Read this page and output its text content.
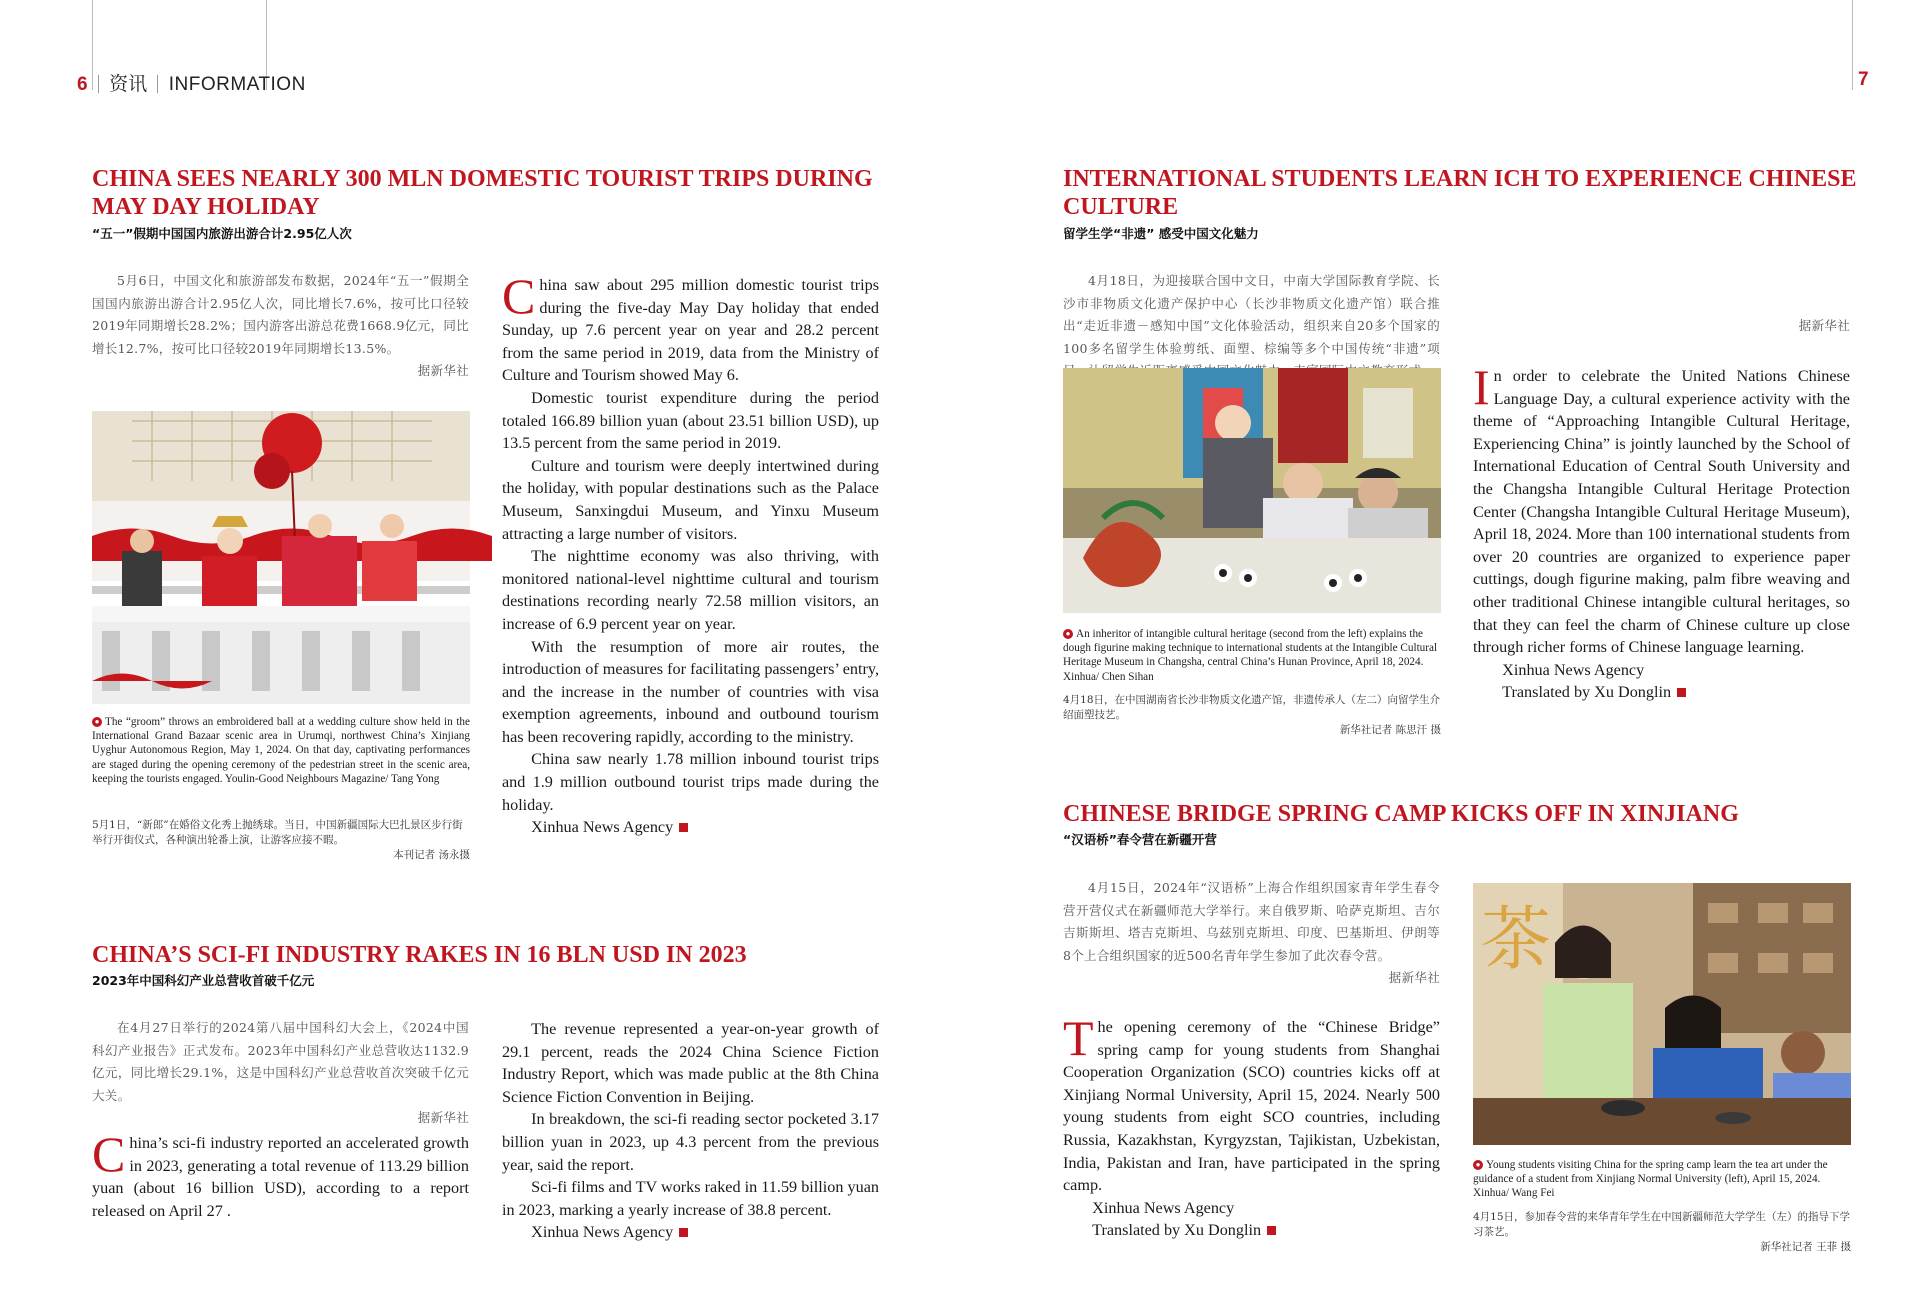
6 资讯 INFORMATION	7
CHINA SEES NEARLY 300 MLN DOMESTIC TOURIST TRIPS DURING MAY DAY HOLIDAY
“五一”假期中国国内旅游出游合计2.95亿人次
5月6日，中国文化和旅游部发布数据，2024年“五一”假期全国国内旅游出游合计2.95亿人次，同比增长7.6%，按可比口径较2019年同期增长28.2%；国内游客出游总花费1668.9亿元，同比增长12.7%，按可比口径较2019年同期增长13.5%。
据新华社
● The “groom” throws an embroidered ball at a wedding culture show held in the International Grand Bazaar scenic area in Urumqi, northwest China’s Xinjiang Uyghur Autonomous Region, May 1, 2024. On that day, captivating performances are staged during the opening ceremony of the pedestrian street in the scenic area, keeping the tourists engaged. Youlin-Good Neighbours Magazine/ Tang Yong
5月1日，“新郎”在婚俗文化秀上抛绣球。当日，中国新疆国际大巴扎景区步行街举行开街仪式，各种演出轮番上演，让游客应接不暇。
本刊记者 汤永摄

China saw about 295 million domestic tourist trips during the five-day May Day holiday that ended Sunday, up 7.6 percent year on year and 28.2 percent from the same period in 2019, data from the Ministry of Culture and Tourism showed May 6.

Domestic tourist expenditure during the period totaled 166.89 billion yuan (about 23.51 billion USD), up 13.5 percent from the same period in 2019.

Culture and tourism were deeply intertwined during the holiday, with popular destinations such as the Palace Museum, Sanxingdui Museum, and Yinxu Museum attracting a large number of visitors.

The nighttime economy was also thriving, with monitored national-level nighttime cultural and tourism destinations recording nearly 72.58 million visitors, an increase of 6.9 percent year on year.

With the resumption of more air routes, the introduction of measures for facilitating passengers’ entry, and the increase in the number of countries with visa exemption agreements, inbound and outbound tourism has been recovering rapidly, according to the ministry.

China saw nearly 1.78 million inbound tourist trips and 1.9 million outbound tourist trips made during the holiday.

Xinhua News Agency
CHINA’S SCI-FI INDUSTRY RAKES IN 16 BLN USD IN 2023
2023年中国科幻产业总营收首破千亿元
在4月27日举行的2024第八届中国科幻大会上，《2024中国科幻产业报告》正式发布。2023年中国科幻产业总营收达1132.9亿元，同比增长29.1%，这是中国科幻产业总营收首次突破千亿元大关。
据新华社

China’s sci-fi industry reported an accelerated growth in 2023, generating a total revenue of 113.29 billion yuan (about 16 billion USD), according to a report released on April 27 .

The revenue represented a year-on-year growth of 29.1 percent, reads the 2024 China Science Fiction Industry Report, which was made public at the 8th China Science Fiction Convention in Beijing.

In breakdown, the sci-fi reading sector pocketed 3.17 billion yuan in 2023, up 4.3 percent from the previous year, said the report.

Sci-fi films and TV works raked in 11.59 billion yuan in 2023, marking a yearly increase of 38.8 percent.

Xinhua News Agency
INTERNATIONAL STUDENTS LEARN ICH TO EXPERIENCE CHINESE CULTURE
留学生学“非遗” 感受中国文化魅力
4月18日，为迎接联合国中文日，中南大学国际教育学院、长沙市非物质文化遗产保护中心（长沙非物质文化遗产馆）联合推出“走近非遗－感知中国”文化体验活动，组织来自20多个国家的100多名留学生体验剪纸、面塑、棕编等多个中国传统“非遗”项
● An inheritor of intangible cultural heritage (second from the left) explains the dough figurine making technique to international students at the Intangible Cultural Heritage Museum in Changsha, central China’s Hunan Province, April 18, 2024. Xinhua/ Chen Sihan
4月18日，在中国湖南省长沙非物质文化遗产馆，非遗传承人（左二）向留学生介绍面塑技艺。
新华社记者 陈思汗 摄
据新华社

In order to celebrate the United Nations Chinese Language Day, a cultural experience activity with the theme of “Approaching Intangible Cultural Heritage, Experiencing China” is jointly launched by the School of International Education of Central South University and the Changsha Intangible Cultural Heritage Protection Center (Changsha Intangible Cultural Heritage Museum), April 18, 2024. More than 100 international students from over 20 countries are organized to experience paper cuttings, dough figurine making, palm fibre weaving and other traditional Chinese intangible cultural heritages, so that they can feel the charm of Chinese culture up close through richer forms of Chinese language learning.

Xinhua News Agency
Translated by Xu Donglin
CHINESE BRIDGE SPRING CAMP KICKS OFF IN XINJIANG
“汉语桥”春令营在新疆开营
4月15日，2024年“汉语桥”上海合作组织国家青年学生春令营开营仪式在新疆师范大学举行。来自俄罗斯、哈萨克斯坦、吉尔吉斯斯坦、塔吉克斯坦、乌兹别克斯坦、印度、巴基斯坦、伊朗等8个上合组织国家的近500名青年学生参加了此次春令营。
据新华社

The opening ceremony of the “Chinese Bridge” spring camp for young students from Shanghai Cooperation Organization (SCO) countries kicks off at Xinjiang Normal University, April 15, 2024. Nearly 500 young students from eight SCO countries, including Russia, Kazakhstan, Kyrgyzstan, Tajikistan, Uzbekistan, India, Pakistan and Iran, have participated in the spring camp.

Xinhua News Agency
Translated by Xu Donglin
茶
● Young students visiting China for the spring camp learn the tea art under the guidance of a student from Xinjiang Normal University (left), April 15, 2024. Xinhua/ Wang Fei
4月15日，参加春令营的来华青年学生在中国新疆师范大学学生（左）的指导下学习茶艺。
新华社记者 王菲 摄
